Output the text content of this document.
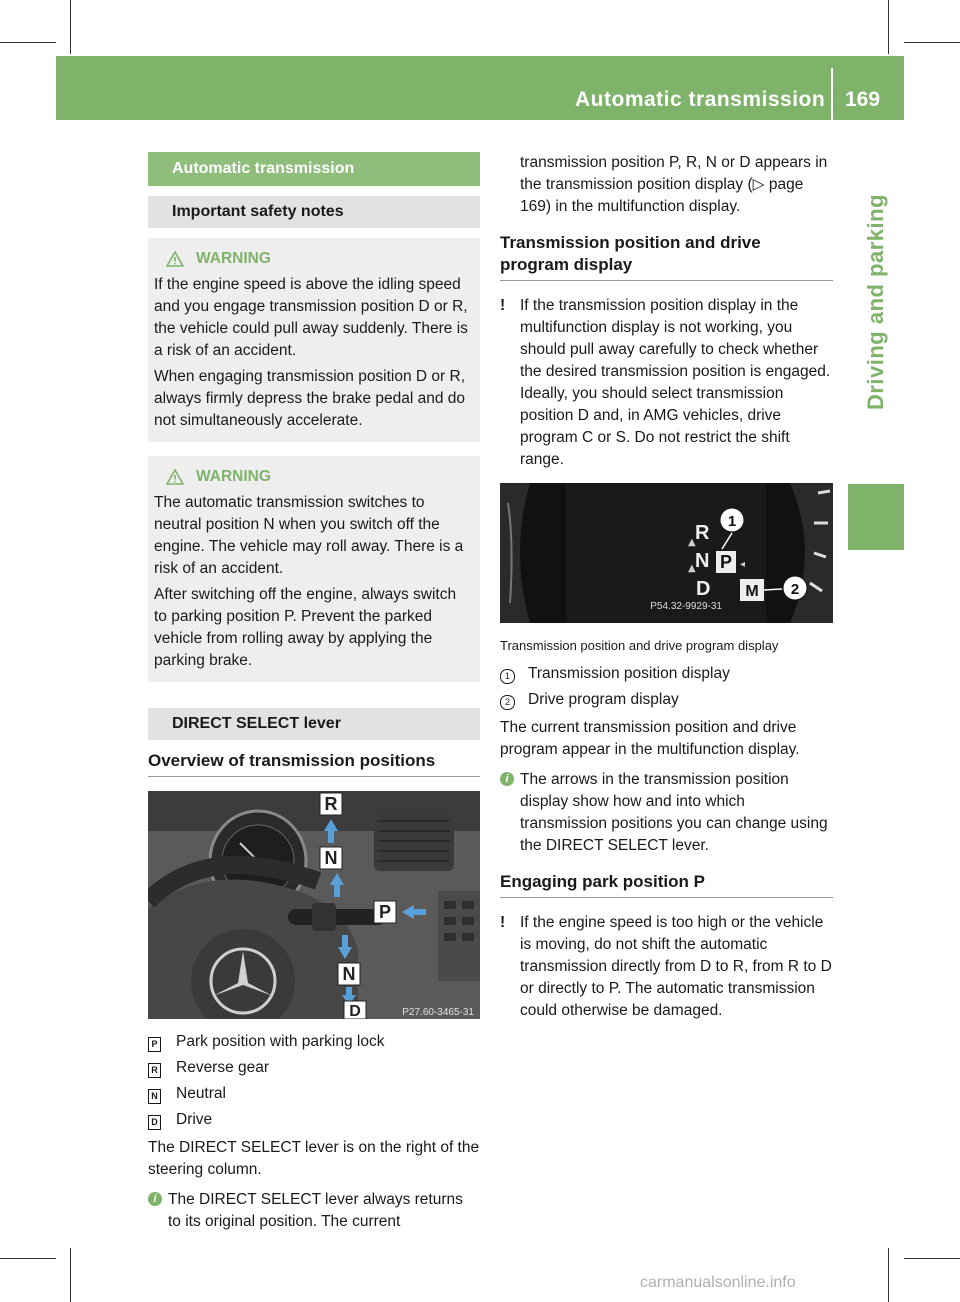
Automatic transmission 169
Driving and parking
Automatic transmission
Important safety notes
WARNING

If the engine speed is above the idling speed and you engage transmission position D or R, the vehicle could pull away suddenly. There is a risk of an accident.

When engaging transmission position D or R, always firmly depress the brake pedal and do not simultaneously accelerate.

WARNING

The automatic transmission switches to neutral position N when you switch off the engine. The vehicle may roll away. There is a risk of an accident.

After switching off the engine, always switch to parking position P. Prevent the parked vehicle from rolling away by applying the parking brake.

DIRECT SELECT lever
Overview of transmission positions
R
N
P
N
D	P27.60-3465-31
P	Park position with parking lock
R	Reverse gear
N	Neutral
D	Drive

The DIRECT SELECT lever is on the right of the steering column.

i The DIRECT SELECT lever always returns to its original position. The current

transmission position P, R, N or D appears in the transmission position display (▷ page 169) in the multifunction display.

Transmission position and drive program display
! If the transmission position display in the multifunction display is not working, you should pull away carefully to check whether the desired transmission position is engaged. Ideally, you should select transmission position D and, in AMG vehicles, drive program C or S. Do not restrict the shift range.
P54.32-9929-31
R
▲
N
▲ P ◂
D M
1
2
Transmission position and drive program display
1	Transmission position display
2	Drive program display

The current transmission position and drive program appear in the multifunction display.

i The arrows in the transmission position display show how and into which transmission positions you can change using the DIRECT SELECT lever.
Engaging park position P
! If the engine speed is too high or the vehicle is moving, do not shift the automatic transmission directly from D to R, from R to D or directly to P. The automatic transmission could otherwise be damaged.
carmanualsonline.info
